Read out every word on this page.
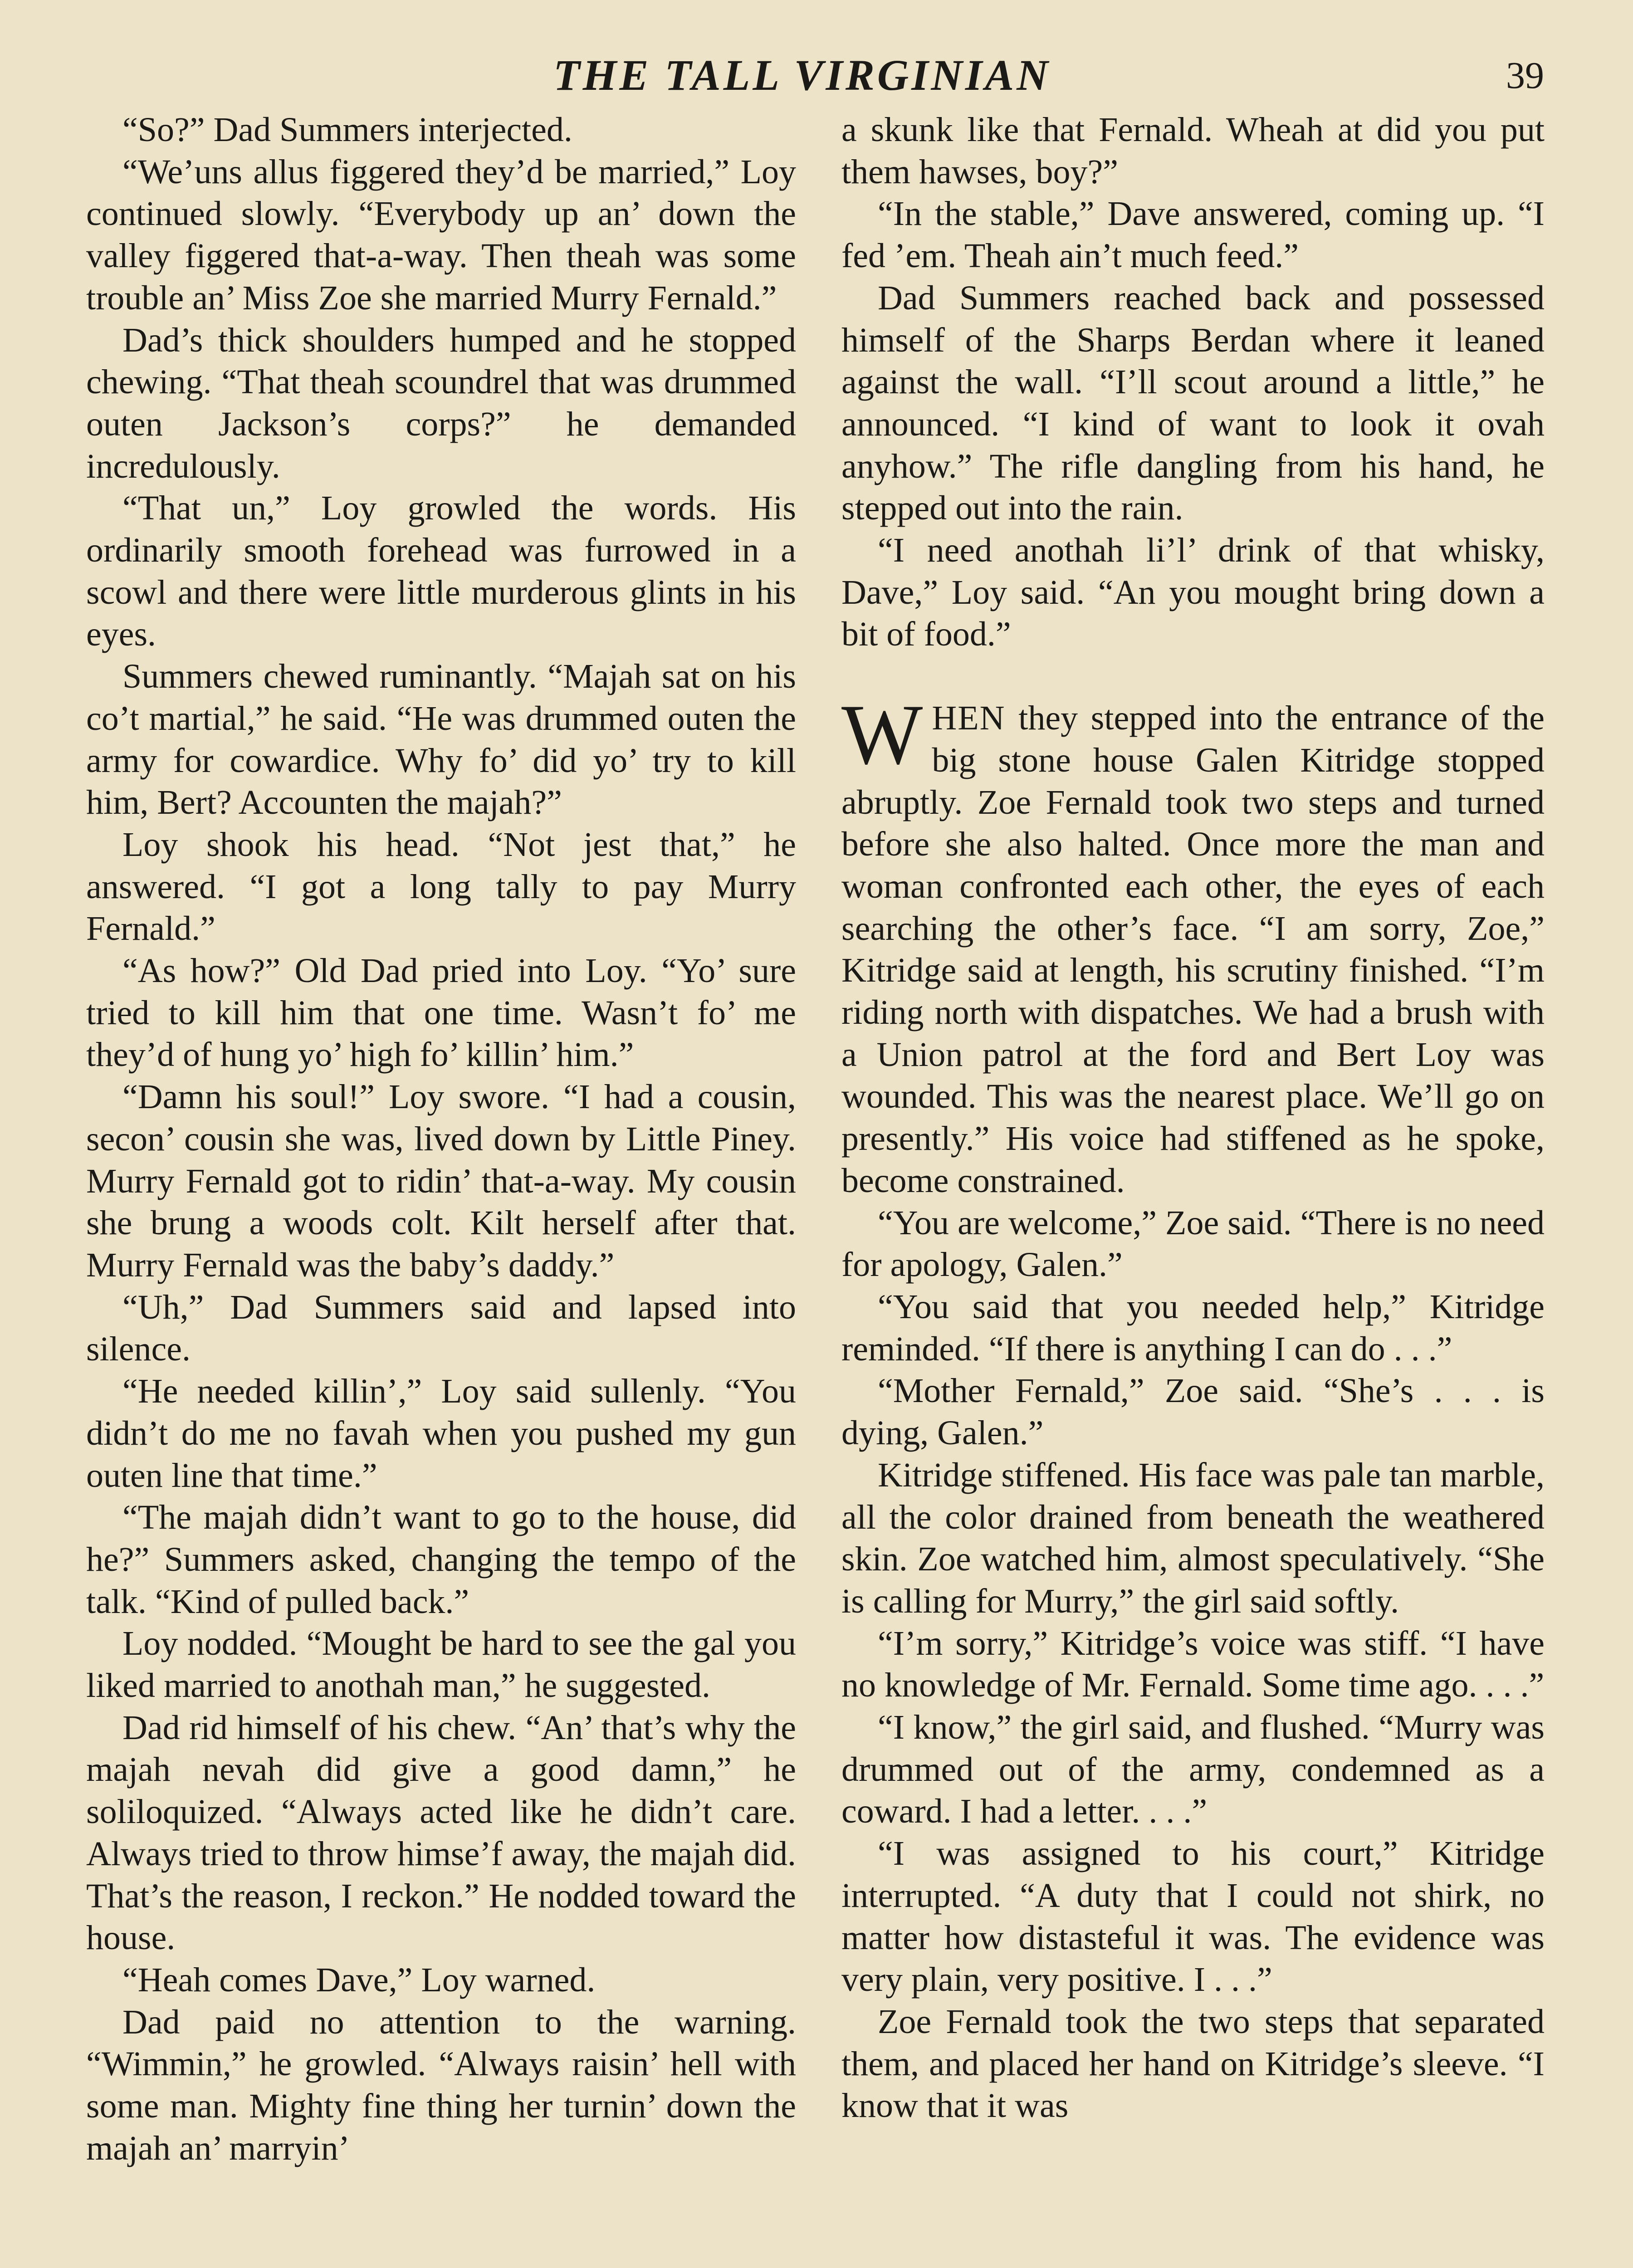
THE TALL VIRGINIAN	39

“So?” Dad Summers interjected.

“We’uns allus figgered they’d be married,” Loy continued slowly. “Everybody up an’ down the valley figgered that-a-way. Then theah was some trouble an’ Miss Zoe she married Murry Fernald.”

Dad’s thick shoulders humped and he stopped chewing. “That theah scoundrel that was drummed outen Jackson’s corps?” he demanded incredulously.

“That un,” Loy growled the words. His ordinarily smooth forehead was furrowed in a scowl and there were little murderous glints in his eyes.

Summers chewed ruminantly. “Majah sat on his co’t martial,” he said. “He was drummed outen the army for cowardice. Why fo’ did yo’ try to kill him, Bert? Accounten the majah?”

Loy shook his head. “Not jest that,” he answered. “I got a long tally to pay Murry Fernald.”

“As how?” Old Dad pried into Loy. “Yo’ sure tried to kill him that one time. Wasn’t fo’ me they’d of hung yo’ high fo’ killin’ him.”

“Damn his soul!” Loy swore. “I had a cousin, secon’ cousin she was, lived down by Little Piney. Murry Fernald got to ridin’ that-a-way. My cousin she brung a woods colt. Kilt herself after that. Murry Fernald was the baby’s daddy.”

“Uh,” Dad Summers said and lapsed into silence.

“He needed killin’,” Loy said sullenly. “You didn’t do me no favah when you pushed my gun outen line that time.”

“The majah didn’t want to go to the house, did he?” Summers asked, changing the tempo of the talk. “Kind of pulled back.”

Loy nodded. “Mought be hard to see the gal you liked married to anothah man,” he suggested.

Dad rid himself of his chew. “An’ that’s why the majah nevah did give a good damn,” he soliloquized. “Always acted like he didn’t care. Always tried to throw himse’f away, the majah did. That’s the reason, I reckon.” He nodded toward the house.

“Heah comes Dave,” Loy warned.

Dad paid no attention to the warning. “Wimmin,” he growled. “Always raisin’ hell with some man. Mighty fine thing her turnin’ down the majah an’ marryin’

a skunk like that Fernald. Wheah at did you put them hawses, boy?”

“In the stable,” Dave answered, coming up. “I fed ’em. Theah ain’t much feed.”

Dad Summers reached back and possessed himself of the Sharps Berdan where it leaned against the wall. “I’ll scout around a little,” he announced. “I kind of want to look it ovah anyhow.” The rifle dangling from his hand, he stepped out into the rain.

“I need anothah li’l’ drink of that whisky, Dave,” Loy said. “An you mought bring down a bit of food.”

WHEN they stepped into the entrance of the big stone house Galen Kitridge stopped abruptly. Zoe Fernald took two steps and turned before she also halted. Once more the man and woman confronted each other, the eyes of each searching the other’s face. “I am sorry, Zoe,” Kitridge said at length, his scrutiny finished. “I’m riding north with dispatches. We had a brush with a Union patrol at the ford and Bert Loy was wounded. This was the nearest place. We’ll go on presently.” His voice had stiffened as he spoke, become constrained.

“You are welcome,” Zoe said. “There is no need for apology, Galen.”

“You said that you needed help,” Kitridge reminded. “If there is anything I can do . . .”

“Mother Fernald,” Zoe said. “She’s . . . is dying, Galen.”

Kitridge stiffened. His face was pale tan marble, all the color drained from beneath the weathered skin. Zoe watched him, almost speculatively. “She is calling for Murry,” the girl said softly.

“I’m sorry,” Kitridge’s voice was stiff. “I have no knowledge of Mr. Fernald. Some time ago. . . .”

“I know,” the girl said, and flushed. “Murry was drummed out of the army, condemned as a coward. I had a letter. . . .”

“I was assigned to his court,” Kitridge interrupted. “A duty that I could not shirk, no matter how distasteful it was. The evidence was very plain, very positive. I . . .”

Zoe Fernald took the two steps that separated them, and placed her hand on Kitridge’s sleeve. “I know that it was
